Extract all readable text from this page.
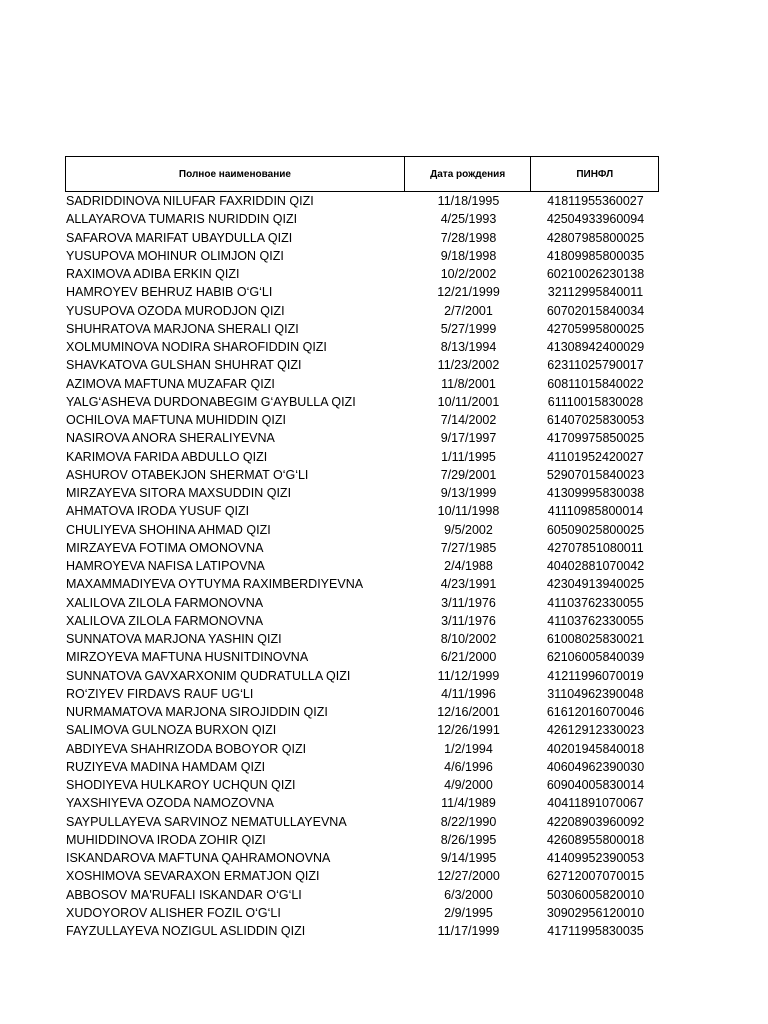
Полное наименование	Дата рождения	ПИНФЛ
SADRIDDINOVA NILUFAR FAXRIDDIN QIZI	11/18/1995	41811955360027
ALLAYAROVA TUMARIS NURIDDIN QIZI	4/25/1993	42504933960094
SAFAROVA MARIFAT UBAYDULLA QIZI	7/28/1998	42807985800025
YUSUPOVA MOHINUR OLIMJON QIZI	9/18/1998	41809985800035
RAXIMOVA ADIBA ERKIN QIZI	10/2/2002	60210026230138
HAMROYEV BEHRUZ HABIB O‘G‘LI	12/21/1999	32112995840011
YUSUPOVA OZODA MURODJON QIZI	2/7/2001	60702015840034
SHUHRATOVA MARJONA SHERALI QIZI	5/27/1999	42705995800025
XOLMUMINOVA NODIRA SHAROFIDDIN QIZI	8/13/1994	41308942400029
SHAVKATOVA GULSHAN SHUHRAT QIZI	11/23/2002	62311025790017
AZIMOVA MAFTUNA MUZAFAR QIZI	11/8/2001	60811015840022
YALG‘ASHEVA DURDONABEGIM G‘AYBULLA QIZI	10/11/2001	61110015830028
OCHILOVA MAFTUNA MUHIDDIN QIZI	7/14/2002	61407025830053
NASIROVA ANORA SHERALIYEVNA	9/17/1997	41709975850025
KARIMOVA FARIDA ABDULLO QIZI	1/11/1995	41101952420027
ASHUROV OTABEKJON SHERMAT O‘G‘LI	7/29/2001	52907015840023
MIRZAYEVA SITORA MAXSUDDIN QIZI	9/13/1999	41309995830038
AHMATOVA IRODA YUSUF QIZI	10/11/1998	41110985800014
CHULIYEVA SHOHINA AHMAD QIZI	9/5/2002	60509025800025
MIRZAYEVA FOTIMA OMONOVNA	7/27/1985	42707851080011
HAMROYEVA NAFISA LATIPOVNA	2/4/1988	40402881070042
MAXAMMADIYEVA OYTUYMA RAXIMBERDIYEVNA	4/23/1991	42304913940025
XALILOVA ZILOLA FARMONOVNA	3/11/1976	41103762330055
XALILOVA ZILOLA FARMONOVNA	3/11/1976	41103762330055
SUNNATOVA MARJONA YASHIN QIZI	8/10/2002	61008025830021
MIRZOYEVA MAFTUNA HUSNITDINOVNA	6/21/2000	62106005840039
SUNNATOVA GAVXARXONIM QUDRATULLA QIZI	11/12/1999	41211996070019
RO‘ZIYEV FIRDAVS RAUF UG‘LI	4/11/1996	31104962390048
NURMAMATOVA MARJONA SIROJIDDIN QIZI	12/16/2001	61612016070046
SALIMOVA GULNOZA BURXON QIZI	12/26/1991	42612912330023
ABDIYEVA SHAHRIZODA BOBOYOR QIZI	1/2/1994	40201945840018
RUZIYEVA MADINA HAMDAM QIZI	4/6/1996	40604962390030
SHODIYEVA HULKAROY UCHQUN QIZI	4/9/2000	60904005830014
YAXSHIYEVA OZODA NAMOZOVNA	11/4/1989	40411891070067
SAYPULLAYEVA SARVINOZ NEMATULLAYEVNA	8/22/1990	42208903960092
MUHIDDINOVA IRODA ZOHIR QIZI	8/26/1995	42608955800018
ISKANDAROVA MAFTUNA QAHRAMONOVNA	9/14/1995	41409952390053
XOSHIMOVA SEVARAXON ERMATJON QIZI	12/27/2000	62712007070015
ABBOSOV MA'RUFALI ISKANDAR O‘G‘LI	6/3/2000	50306005820010
XUDOYOROV ALISHER FOZIL O‘G‘LI	2/9/1995	30902956120010
FAYZULLAYEVA NOZIGUL ASLIDDIN QIZI	11/17/1999	41711995830035
